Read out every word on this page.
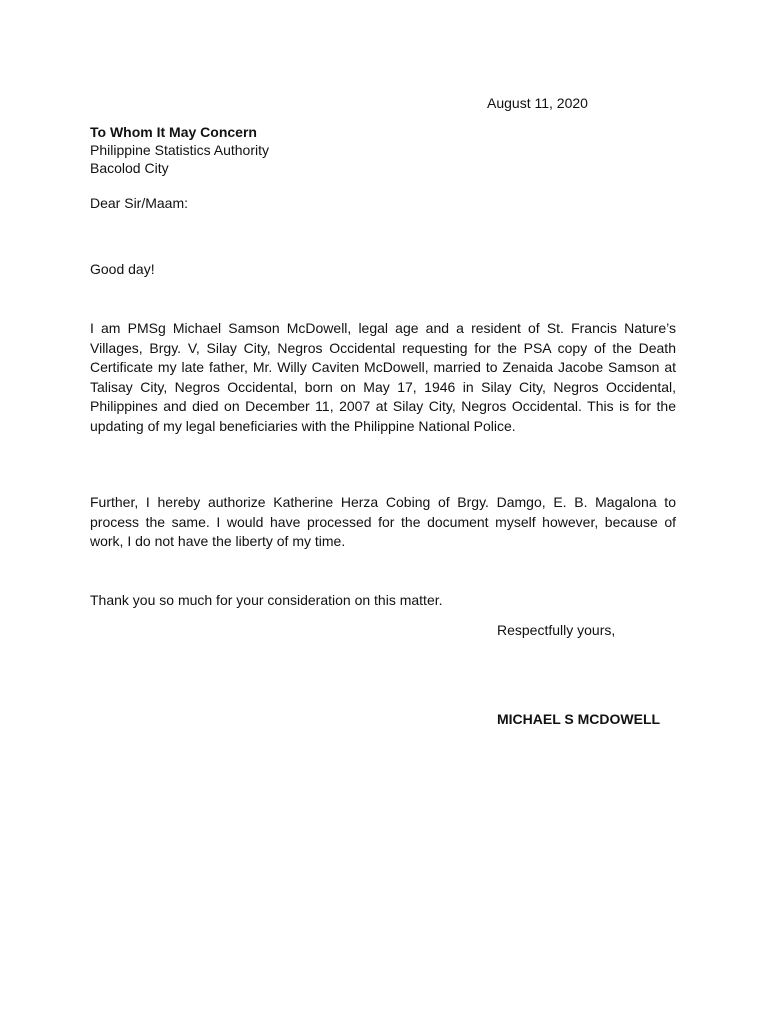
August 11, 2020
To Whom It May Concern
Philippine Statistics Authority
Bacolod City
Dear Sir/Maam:
Good day!
I am PMSg Michael Samson McDowell, legal age and a resident of St. Francis Nature’s Villages, Brgy. V, Silay City, Negros Occidental requesting for the PSA copy of the Death Certificate my late father, Mr. Willy Caviten McDowell, married to Zenaida Jacobe Samson at Talisay City, Negros Occidental, born on May 17, 1946 in Silay City, Negros Occidental, Philippines and died on December 11, 2007 at Silay City, Negros Occidental. This is for the updating of my legal beneficiaries with the Philippine National Police.
Further, I hereby authorize Katherine Herza Cobing of Brgy. Damgo, E. B. Magalona to process the same. I would have processed for the document myself however, because of work, I do not have the liberty of my time.
Thank you so much for your consideration on this matter.
Respectfully yours,
MICHAEL S MCDOWELL
